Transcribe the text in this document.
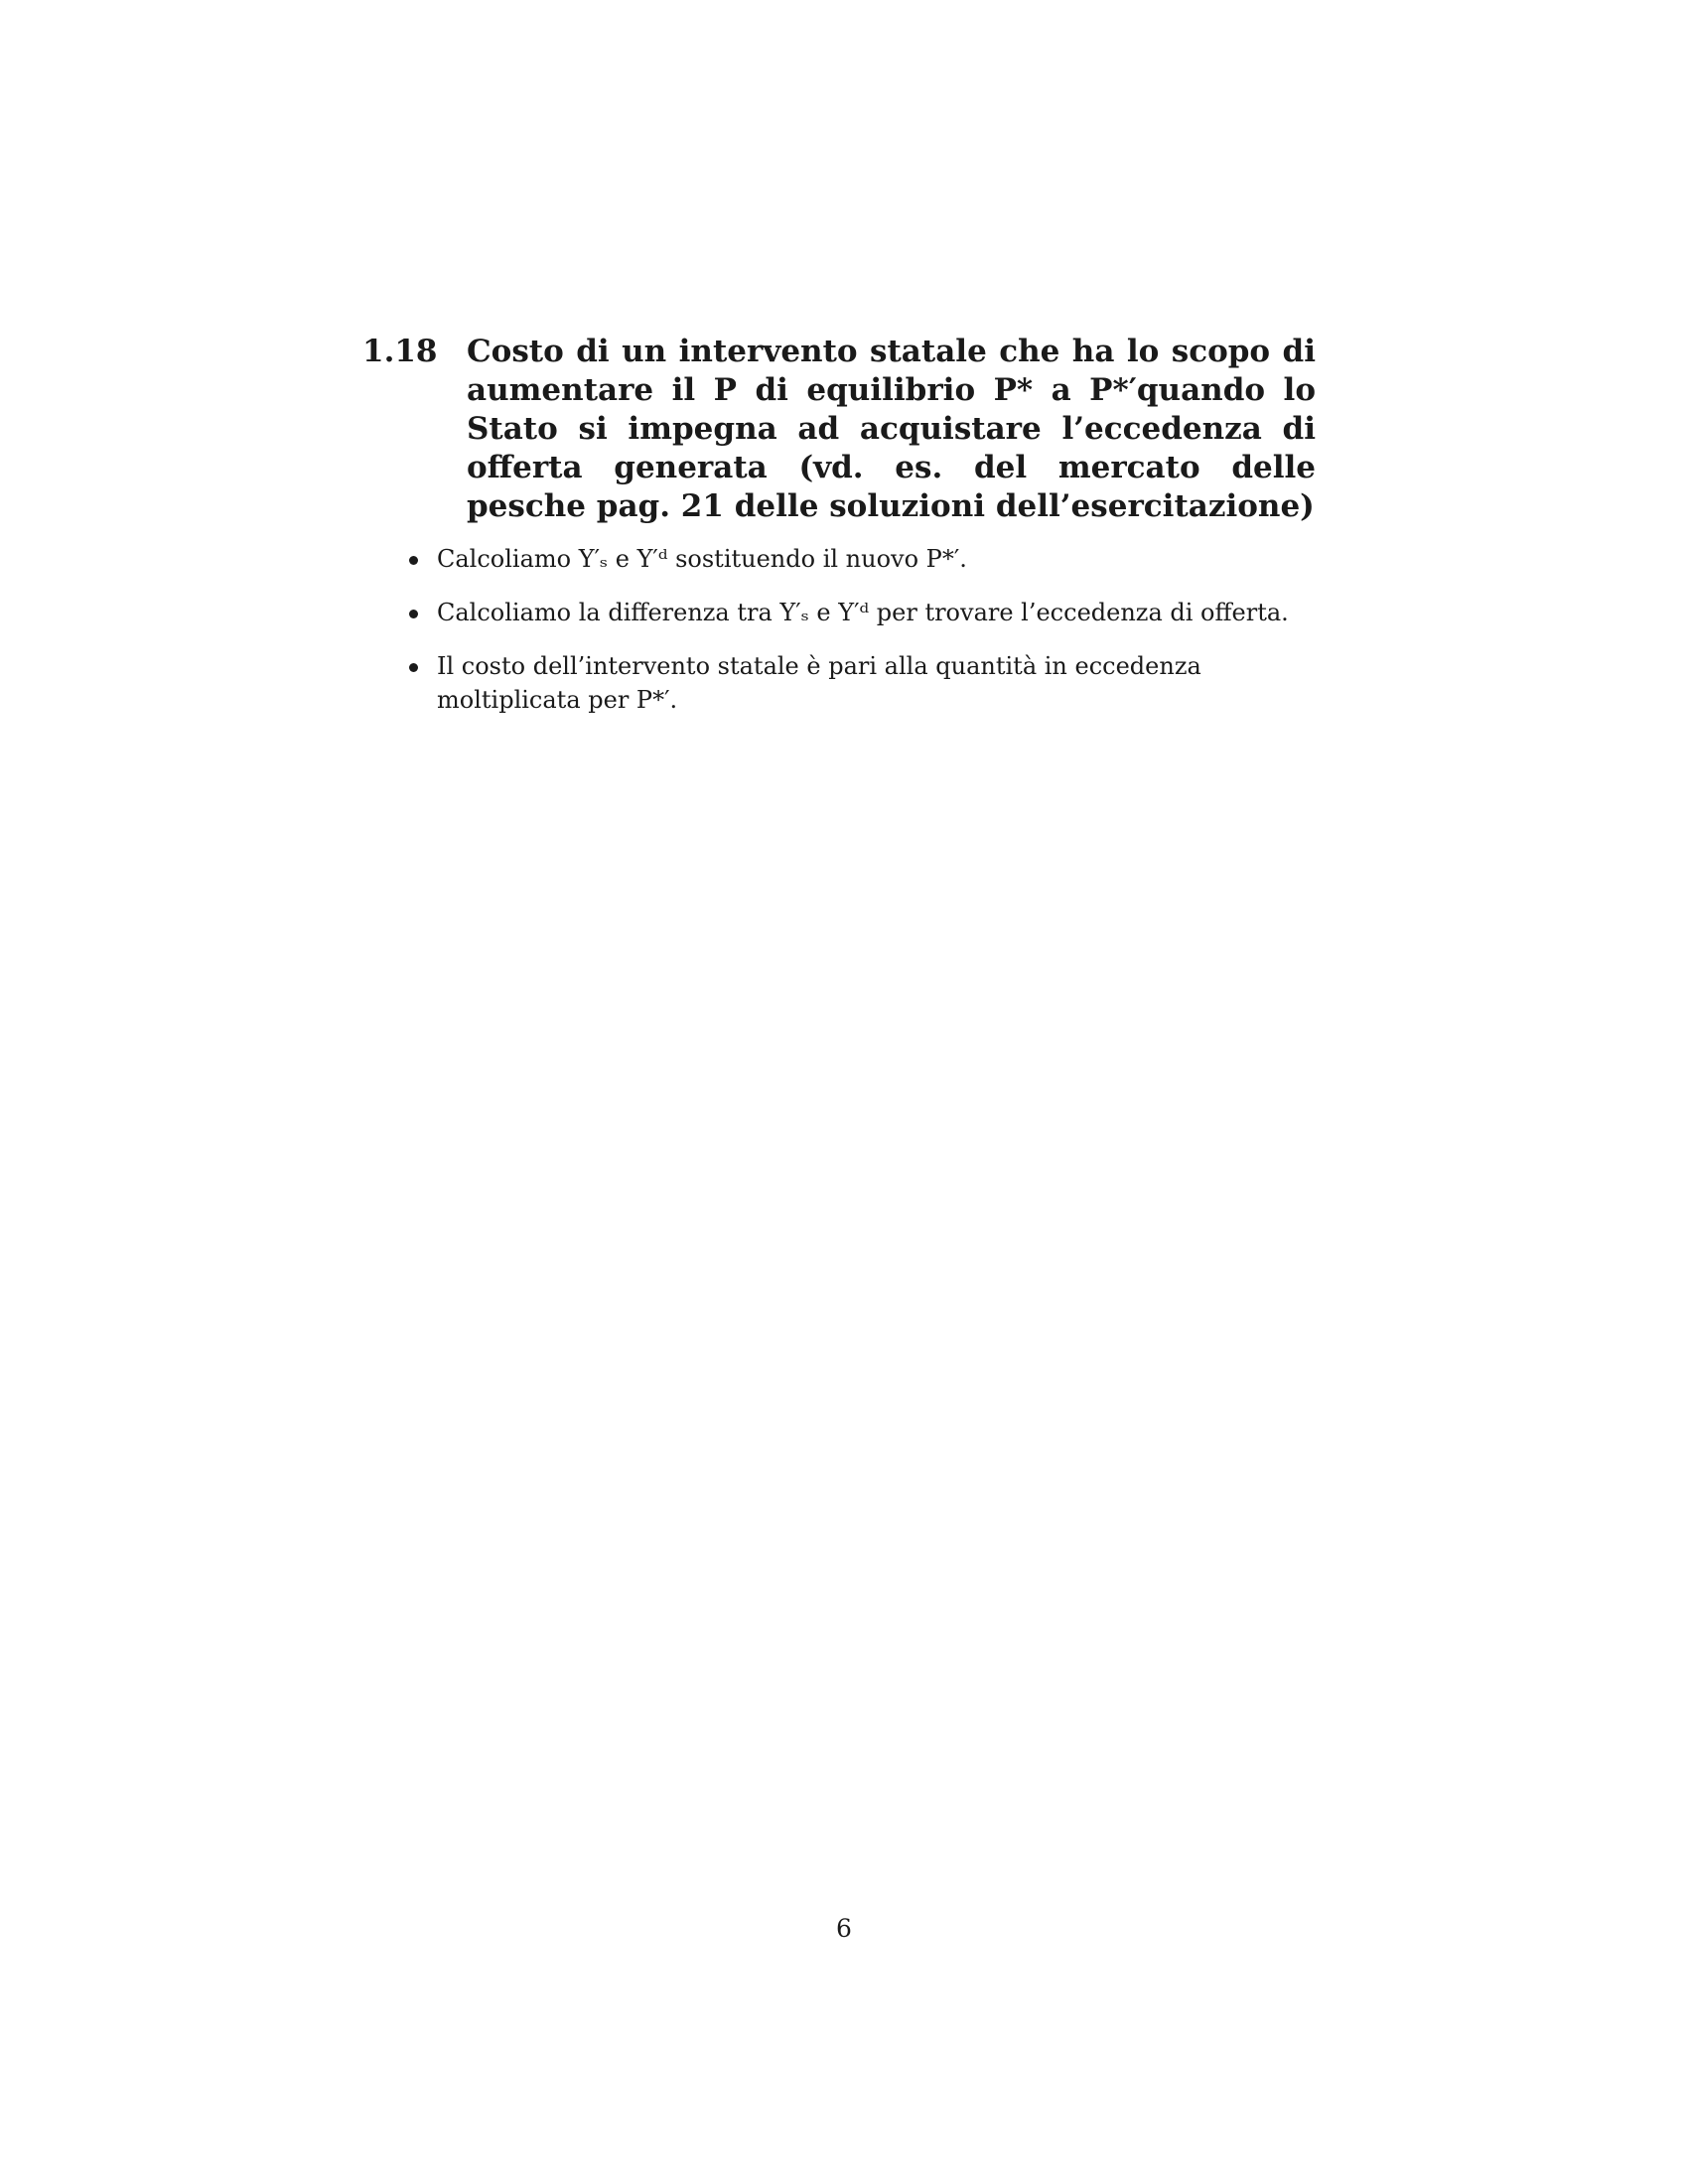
1.18 Costo di un intervento statale che ha lo scopo di aumentare il P di equilibrio P* a P*′quando lo Stato si impegna ad acquistare l’eccedenza di offerta generata (vd. es. del mercato delle pesche pag. 21 delle soluzioni dell’esercitazione)
Calcoliamo Y′ₛ e Y′ᵈ sostituendo il nuovo P*′.
Calcoliamo la differenza tra Y′ₛ e Y′ᵈ per trovare l’eccedenza di offerta.
Il costo dell’intervento statale è pari alla quantità in eccedenza moltiplicata per P*′.
6
